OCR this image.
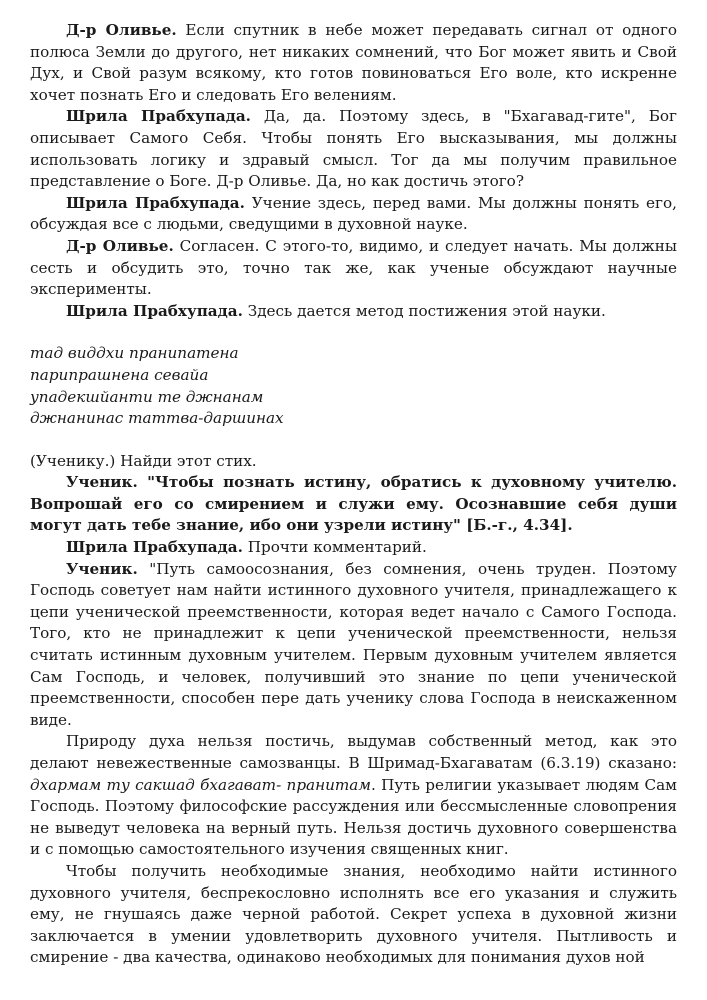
Д-р Оливье. Если спутник в небе может передавать сигнал от одного полюса Земли до другого, нет никаких сомнений, что Бог может явить и Свой Дух, и Свой разум всякому, кто готов повиноваться Его воле, кто искренне хочет познать Его и следовать Его велениям.

Шрила Прабхупада. Да, да. Поэтому здесь, в "Бхагавад-гите", Бог описывает Самого Себя. Чтобы понять Его высказывания, мы должны использовать логику и здравый смысл. Тог да мы получим правильное представление о Боге. Д-р Оливье. Да, но как достичь этого?

Шрила Прабхупада. Учение здесь, перед вами. Мы должны понять его, обсуждая все с людьми, сведущими в духовной науке.

Д-р Оливье. Согласен. С этого-то, видимо, и следует начать. Мы должны сесть и обсудить это, точно так же, как ученые обсуждают научные эксперименты.

Шрила Прабхупада. Здесь дается метод постижения этой науки.

тад виддхи пранипатена
парипрашнена севайа
упадекшйанти те джнанам
джнанинас таттва-даршинах

(Ученику.) Найди этот стих.

Ученик. "Чтобы познать истину, обратись к духовному учителю. Вопрошай его со смирением и служи ему. Осознавшие себя души могут дать тебе знание, ибо они узрели истину" [Б.-г., 4.34].

Шрила Прабхупада. Прочти комментарий.

Ученик. "Путь самоосознания, без сомнения, очень труден. Поэтому Господь советует нам найти истинного духовного учителя, принадлежащего к цепи ученической преемственности, которая ведет начало с Самого Господа. Того, кто не принадлежит к цепи ученической преемственности, нельзя считать истинным духовным учителем. Первым духовным учителем является Сам Господь, и человек, получивший это знание по цепи ученической преемственности, способен пере дать ученику слова Господа в неискаженном виде.

Природу духа нельзя постичь, выдумав собственный метод, как это делают невежественные самозванцы. В Шримад-Бхагаватам (6.3.19) сказано: дхармам ту сакшад бхагават- пранитам. Путь религии указывает людям Сам Господь. Поэтому философские рассуждения или бессмысленные словопрения не выведут человека на верный путь. Нельзя достичь духовного совершенства и с помощью самостоятельного изучения священных книг.

Чтобы получить необходимые знания, необходимо найти истинного духовного учителя, беспрекословно исполнять все его указания и служить ему, не гнушаясь даже черной работой. Секрет успеха в духовной жизни заключается в умении удовлетворить духовного учителя. Пытливость и смирение - два качества, одинаково необходимых для понимания духов ной
